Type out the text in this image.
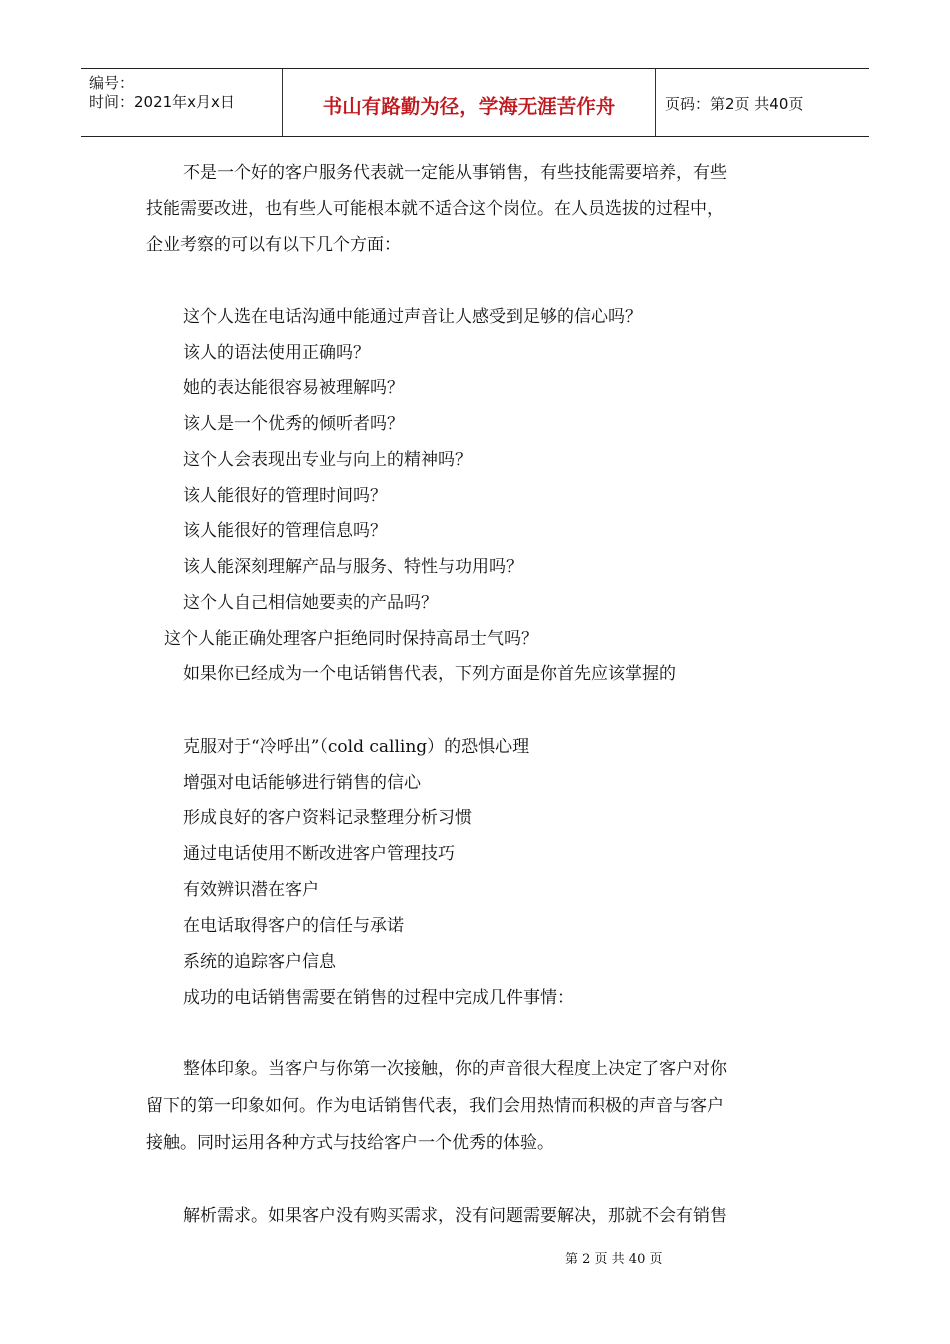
编号：
时间：2021年x月x日	书山有路勤为径，学海无涯苦作舟	页码：第2页 共40页
不是一个好的客户服务代表就一定能从事销售，有些技能需要培养，有些
技能需要改进，也有些人可能根本就不适合这个岗位。在人员选拔的过程中，
企业考察的可以有以下几个方面：
这个人选在电话沟通中能通过声音让人感受到足够的信心吗？
该人的语法使用正确吗？
她的表达能很容易被理解吗？
该人是一个优秀的倾听者吗？
这个人会表现出专业与向上的精神吗？
该人能很好的管理时间吗？
该人能很好的管理信息吗？
该人能深刻理解产品与服务、特性与功用吗？
这个人自己相信她要卖的产品吗？
这个人能正确处理客户拒绝同时保持高昂士气吗？
如果你已经成为一个电话销售代表，下列方面是你首先应该掌握的
克服对于“冷呼出”（cold calling）的恐惧心理
增强对电话能够进行销售的信心
形成良好的客户资料记录整理分析习惯
通过电话使用不断改进客户管理技巧
有效辨识潜在客户
在电话取得客户的信任与承诺
系统的追踪客户信息
成功的电话销售需要在销售的过程中完成几件事情：
整体印象。当客户与你第一次接触，你的声音很大程度上决定了客户对你
留下的第一印象如何。作为电话销售代表，我们会用热情而积极的声音与客户
接触。同时运用各种方式与技给客户一个优秀的体验。
解析需求。如果客户没有购买需求，没有问题需要解决，那就不会有销售
第 2 页 共 40 页
